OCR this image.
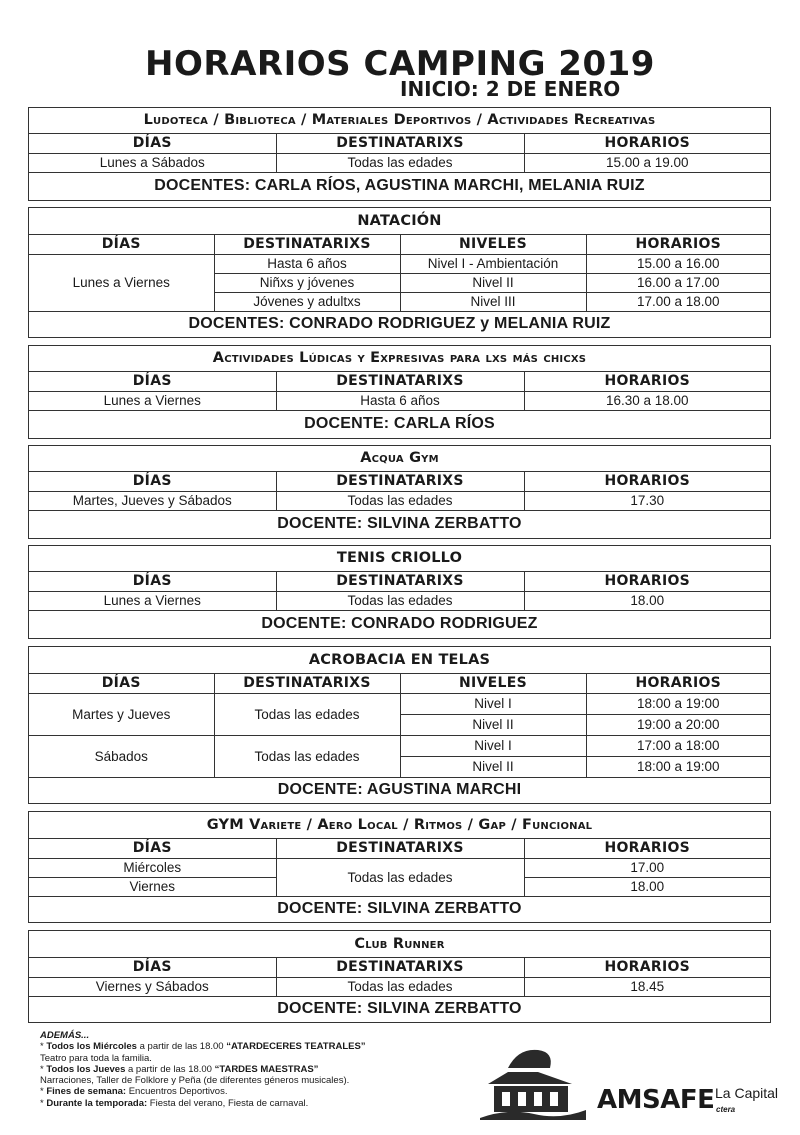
HORARIOS CAMPING 2019
INICIO: 2 DE ENERO
Ludoteca / Biblioteca / Materiales Deportivos / Actividades Recreativas		
DÍAS	DESTINATARIXS	HORARIOS
Lunes a Sábados	Todas las edades	15.00 a 19.00
DOCENTES: CARLA RÍOS, AGUSTINA MARCHI, MELANIA RUIZ		
NATACIÓN			
DÍAS	DESTINATARIXS	NIVELES	HORARIOS
Lunes a Viernes	Hasta 6 años	Nivel I - Ambientación	15.00 a 16.00
	Niñxs y jóvenes	Nivel II	16.00 a 17.00
	Jóvenes y adultxs	Nivel III	17.00 a 18.00
DOCENTES: CONRADO RODRIGUEZ y MELANIA RUIZ			
Actividades Lúdicas y Expresivas para lxs más chicxs		
DÍAS	DESTINATARIXS	HORARIOS
Lunes a Viernes	Hasta 6 años	16.30 a 18.00
DOCENTE: CARLA RÍOS		
Acqua Gym		
DÍAS	DESTINATARIXS	HORARIOS
Martes, Jueves y Sábados	Todas las edades	17.30
DOCENTE: SILVINA ZERBATTO		
TENIS CRIOLLO		
DÍAS	DESTINATARIXS	HORARIOS
Lunes a Viernes	Todas las edades	18.00
DOCENTE: CONRADO RODRIGUEZ		
ACROBACIA EN TELAS			
DÍAS	DESTINATARIXS	NIVELES	HORARIOS
Martes y Jueves	Todas las edades	Nivel I	18:00 a 19:00
		Nivel II	19:00 a 20:00
Sábados	Todas las edades	Nivel I	17:00 a 18:00
		Nivel II	18:00 a 19:00
DOCENTE: AGUSTINA MARCHI			
GYM Variete / Aero Local / Ritmos / Gap / Funcional		
DÍAS	DESTINATARIXS	HORARIOS
Miércoles	Todas las edades	17.00
Viernes		18.00
DOCENTE: SILVINA ZERBATTO		
Club Runner		
DÍAS	DESTINATARIXS	HORARIOS
Viernes y Sábados	Todas las edades	18.45
DOCENTE: SILVINA ZERBATTO		
ADEMÁS...
* Todos los Miércoles a partir de las 18.00 “ATARDECERES TEATRALES”
Teatro para toda la familia.
* Todos los Jueves a partir de las 18.00 “TARDES MAESTRAS”
Narraciones, Taller de Folklore y Peña (de diferentes géneros musicales).
* Fines de semana: Encuentros Deportivos.
* Durante la temporada: Fiesta del verano, Fiesta de carnaval.	AMSAFE La Capital
ctera
